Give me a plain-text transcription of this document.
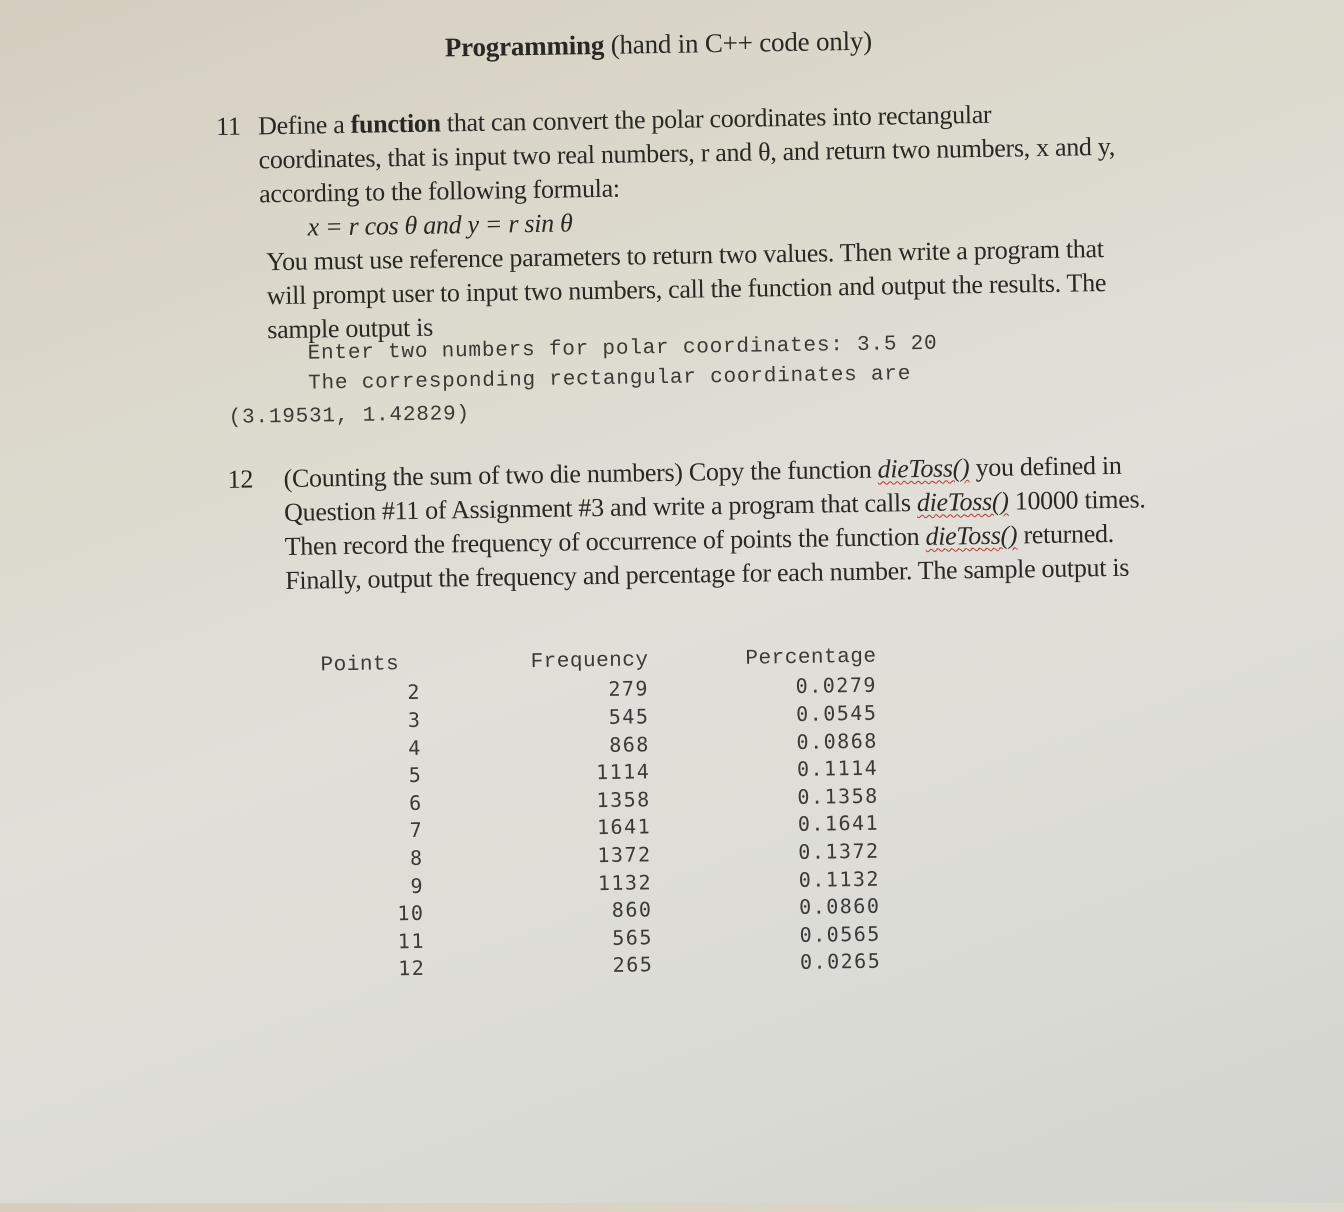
Programming (hand in C++ code only)
11 Define a function that can convert the polar coordinates into rectangular coordinates, that is input two real numbers, r and θ, and return two numbers, x and y, according to the following formula:
x = r cos θ and y = r sin θ
You must use reference parameters to return two values. Then write a program that will prompt user to input two numbers, call the function and output the results. The sample output is
Enter two numbers for polar coordinates: 3.5 20
The corresponding rectangular coordinates are
(3.19531, 1.42829)
12 (Counting the sum of two die numbers) Copy the function dieToss() you defined in Question #11 of Assignment #3 and write a program that calls dieToss() 10000 times. Then record the frequency of occurrence of points the function dieToss() returned. Finally, output the frequency and percentage for each number. The sample output is
Points	Frequency	Percentage
2	279	0.0279
3	545	0.0545
4	868	0.0868
5	1114	0.1114
6	1358	0.1358
7	1641	0.1641
8	1372	0.1372
9	1132	0.1132
10	860	0.0860
11	565	0.0565
12	265	0.0265
